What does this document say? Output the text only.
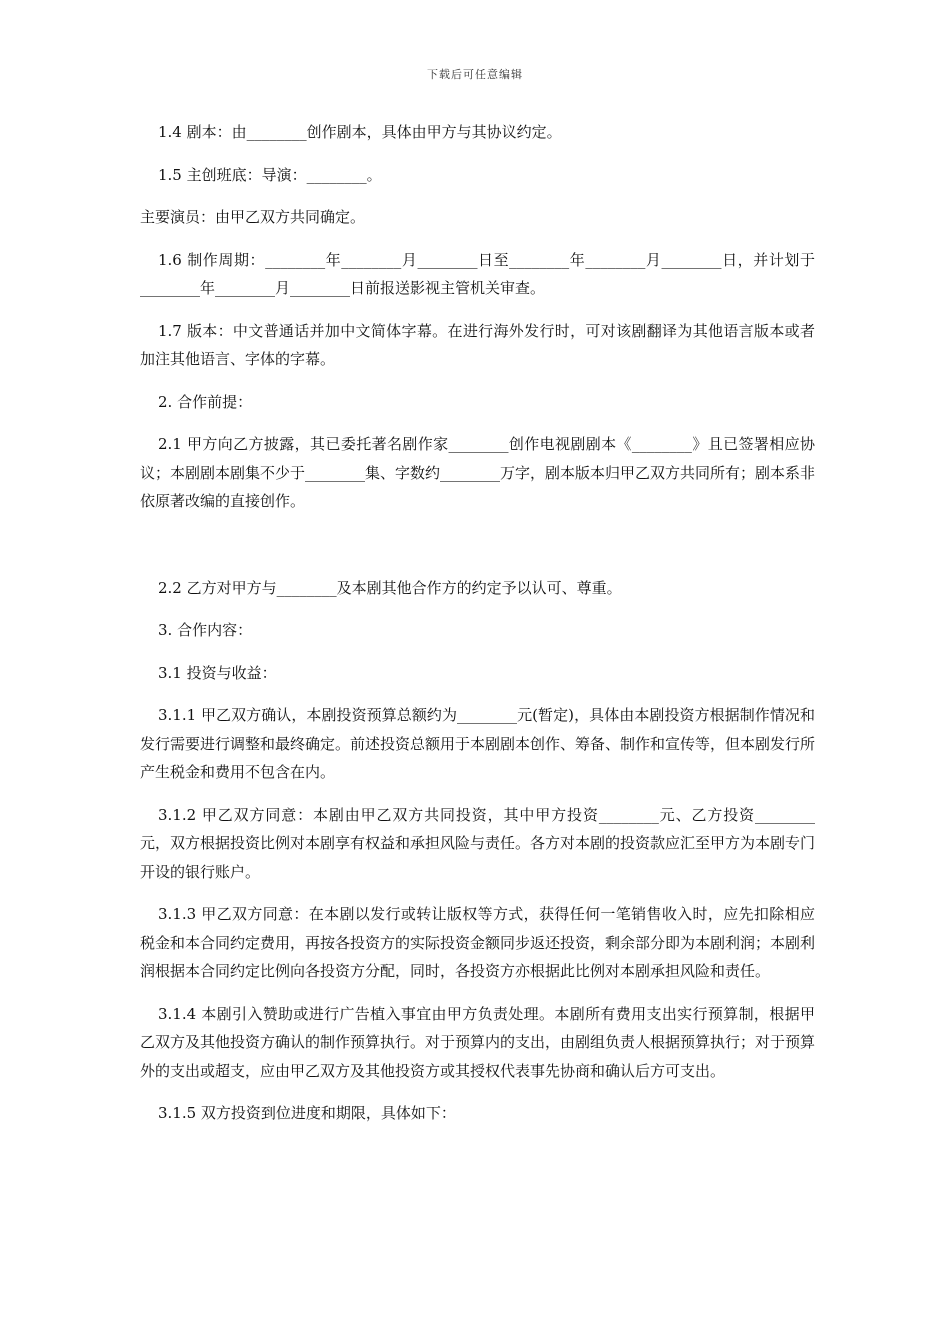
下载后可任意编辑

1.4 剧本：由________创作剧本，具体由甲方与其协议约定。

1.5 主创班底：导演：________。

主要演员：由甲乙双方共同确定。

1.6 制作周期：________年________月________日至________年________月________日，并计划于________年________月________日前报送影视主管机关审查。

1.7 版本：中文普通话并加中文简体字幕。在进行海外发行时，可对该剧翻译为其他语言版本或者加注其他语言、字体的字幕。

2. 合作前提：

2.1 甲方向乙方披露，其已委托著名剧作家________创作电视剧剧本《________》且已签署相应协议；本剧剧本剧集不少于________集、字数约________万字，剧本版本归甲乙双方共同所有；剧本系非依原著改编的直接创作。

2.2 乙方对甲方与________及本剧其他合作方的约定予以认可、尊重。

3. 合作内容：

3.1 投资与收益：

3.1.1 甲乙双方确认，本剧投资预算总额约为________元(暂定)，具体由本剧投资方根据制作情况和发行需要进行调整和最终确定。前述投资总额用于本剧剧本创作、筹备、制作和宣传等，但本剧发行所产生税金和费用不包含在内。

3.1.2 甲乙双方同意：本剧由甲乙双方共同投资，其中甲方投资________元、乙方投资________元，双方根据投资比例对本剧享有权益和承担风险与责任。各方对本剧的投资款应汇至甲方为本剧专门开设的银行账户。

3.1.3 甲乙双方同意：在本剧以发行或转让版权等方式，获得任何一笔销售收入时，应先扣除相应税金和本合同约定费用，再按各投资方的实际投资金额同步返还投资，剩余部分即为本剧利润；本剧利润根据本合同约定比例向各投资方分配，同时，各投资方亦根据此比例对本剧承担风险和责任。

3.1.4 本剧引入赞助或进行广告植入事宜由甲方负责处理。本剧所有费用支出实行预算制，根据甲乙双方及其他投资方确认的制作预算执行。对于预算内的支出，由剧组负责人根据预算执行；对于预算外的支出或超支，应由甲乙双方及其他投资方或其授权代表事先协商和确认后方可支出。

3.1.5 双方投资到位进度和期限，具体如下：
